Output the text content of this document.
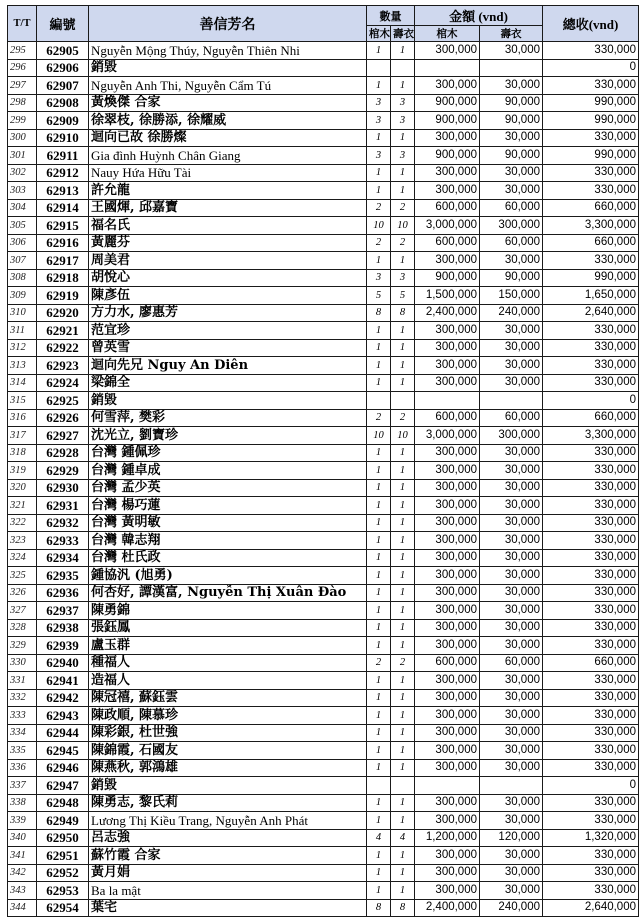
T/T	編號	善信芳名	數量		金額 (vnd)		總收(vnd)
			棺木	壽衣	棺木	壽衣	
295	62905	Nguyễn Mộng Thúy, Nguyễn Thiên Nhi	1	1	300,000	30,000	330,000
296	62906	銷毀					0
297	62907	Nguyễn Anh Thi, Nguyễn Cẩm Tú	1	1	300,000	30,000	330,000
298	62908	黃煥傑 合家	3	3	900,000	90,000	990,000
299	62909	徐翠枝, 徐勝添, 徐耀威	3	3	900,000	90,000	990,000
300	62910	迴向已故 徐勝燦	1	1	300,000	30,000	330,000
301	62911	Gia đình Huỳnh Chân Giang	3	3	900,000	90,000	990,000
302	62912	Nauy Hứa Hữu Tài	1	1	300,000	30,000	330,000
303	62913	許允龍	1	1	300,000	30,000	330,000
304	62914	王國煇, 邱嘉寶	2	2	600,000	60,000	660,000
305	62915	福名氏	10	10	3,000,000	300,000	3,300,000
306	62916	黃麗芬	2	2	600,000	60,000	660,000
307	62917	周美君	1	1	300,000	30,000	330,000
308	62918	胡悅心	3	3	900,000	90,000	990,000
309	62919	陳彥伍	5	5	1,500,000	150,000	1,650,000
310	62920	方力水, 廖惠芳	8	8	2,400,000	240,000	2,640,000
311	62921	范宜珍	1	1	300,000	30,000	330,000
312	62922	曾英雪	1	1	300,000	30,000	330,000
313	62923	迴向先兄 Nguy An Diên	1	1	300,000	30,000	330,000
314	62924	梁錦全	1	1	300,000	30,000	330,000
315	62925	銷毀					0
316	62926	何雪萍, 樊彩	2	2	600,000	60,000	660,000
317	62927	沈光立, 劉寶珍	10	10	3,000,000	300,000	3,300,000
318	62928	台灣 鍾佩珍	1	1	300,000	30,000	330,000
319	62929	台灣 鍾卓成	1	1	300,000	30,000	330,000
320	62930	台灣 孟少英	1	1	300,000	30,000	330,000
321	62931	台灣 楊巧蓮	1	1	300,000	30,000	330,000
322	62932	台灣 黃明敏	1	1	300,000	30,000	330,000
323	62933	台灣 韓志翔	1	1	300,000	30,000	330,000
324	62934	台灣 杜氏政	1	1	300,000	30,000	330,000
325	62935	鍾協汎 (旭勇)	1	1	300,000	30,000	330,000
326	62936	何杏好, 譚漢富, Nguyễn Thị Xuân Đào	1	1	300,000	30,000	330,000
327	62937	陳勇錦	1	1	300,000	30,000	330,000
328	62938	張鈺鳳	1	1	300,000	30,000	330,000
329	62939	盧玉群	1	1	300,000	30,000	330,000
330	62940	種福人	2	2	600,000	60,000	660,000
331	62941	造福人	1	1	300,000	30,000	330,000
332	62942	陳冠禧, 蘇鈺雲	1	1	300,000	30,000	330,000
333	62943	陳政順, 陳慕珍	1	1	300,000	30,000	330,000
334	62944	陳彩銀, 杜世強	1	1	300,000	30,000	330,000
335	62945	陳錦霞, 石國友	1	1	300,000	30,000	330,000
336	62946	陳燕秋, 郭鴻雄	1	1	300,000	30,000	330,000
337	62947	銷毀					0
338	62948	陳勇志, 黎氏莉	1	1	300,000	30,000	330,000
339	62949	Lương Thị Kiều Trang, Nguyễn Anh Phát	1	1	300,000	30,000	330,000
340	62950	呂志強	4	4	1,200,000	120,000	1,320,000
341	62951	蘇竹霞 合家	1	1	300,000	30,000	330,000
342	62952	黃月娟	1	1	300,000	30,000	330,000
343	62953	Ba la mật	1	1	300,000	30,000	330,000
344	62954	葉宅	8	8	2,400,000	240,000	2,640,000
